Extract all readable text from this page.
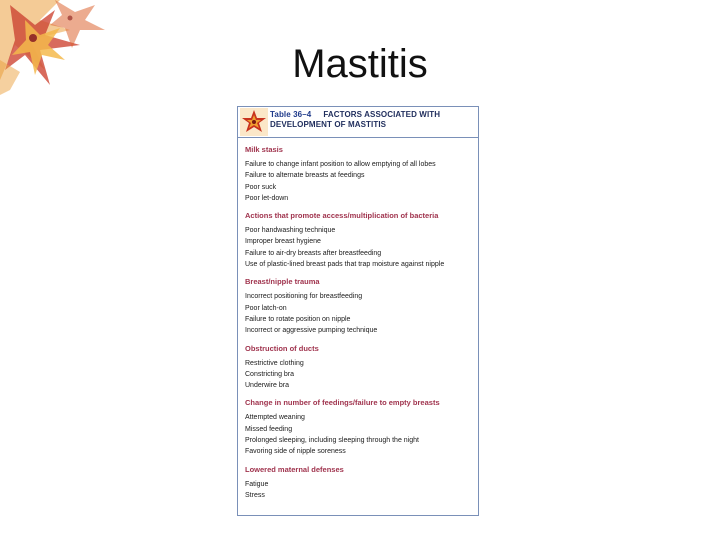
Mastitis
Table 36–4 FACTORS ASSOCIATED WITH
DEVELOPMENT OF MASTITIS
Milk stasis
Failure to change infant position to allow emptying of all lobes
Failure to alternate breasts at feedings
Poor suck
Poor let-down
Actions that promote access/multiplication of bacteria
Poor handwashing technique
Improper breast hygiene
Failure to air-dry breasts after breastfeeding
Use of plastic-lined breast pads that trap moisture against nipple
Breast/nipple trauma
Incorrect positioning for breastfeeding
Poor latch-on
Failure to rotate position on nipple
Incorrect or aggressive pumping technique
Obstruction of ducts
Restrictive clothing
Constricting bra
Underwire bra
Change in number of feedings/failure to empty breasts
Attempted weaning
Missed feeding
Prolonged sleeping, including sleeping through the night
Favoring side of nipple soreness
Lowered maternal defenses
Fatigue
Stress
